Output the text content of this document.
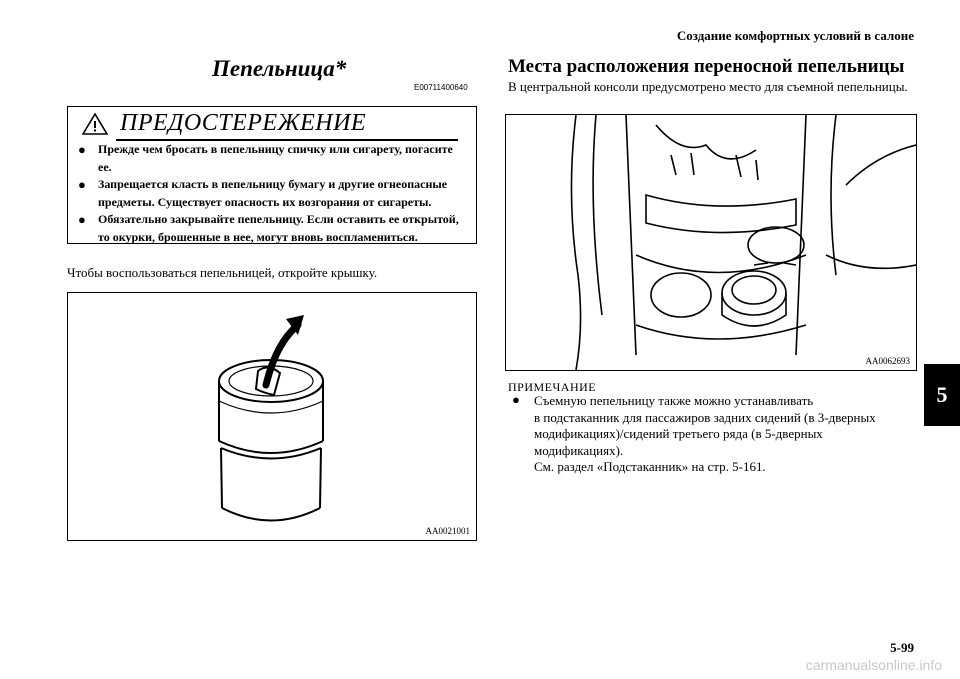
Создание комфортных условий в салоне
Пепельница*
E00711400640
ПРЕДОСТЕРЕЖЕНИЕ
● Прежде чем бросать в пепельницу спичку или сигарету, погасите ее.
● Запрещается класть в пепельницу бумагу и другие огнеопасные предметы. Существует опасность их возгорания от сигареты.
● Обязательно закрывайте пепельницу. Если оставить ее открытой, то окурки, брошенные в нее, могут вновь воспламениться.
Чтобы воспользоваться пепельницей, откройте крышку.
AA0021001
Места расположения переносной пепельницы
В центральной консоли предусмотрено место для съемной пепельницы.
AA0062693
ПРИМЕЧАНИЕ
● Съемную пепельницу также можно устанавливать
в подстаканник для пассажиров задних сидений (в 3-дверных
модификациях)/сидений третьего ряда (в 5-дверных
модификациях).
См. раздел «Подстаканник» на стр. 5-161.
5
5-99
carmanualsonline.info
